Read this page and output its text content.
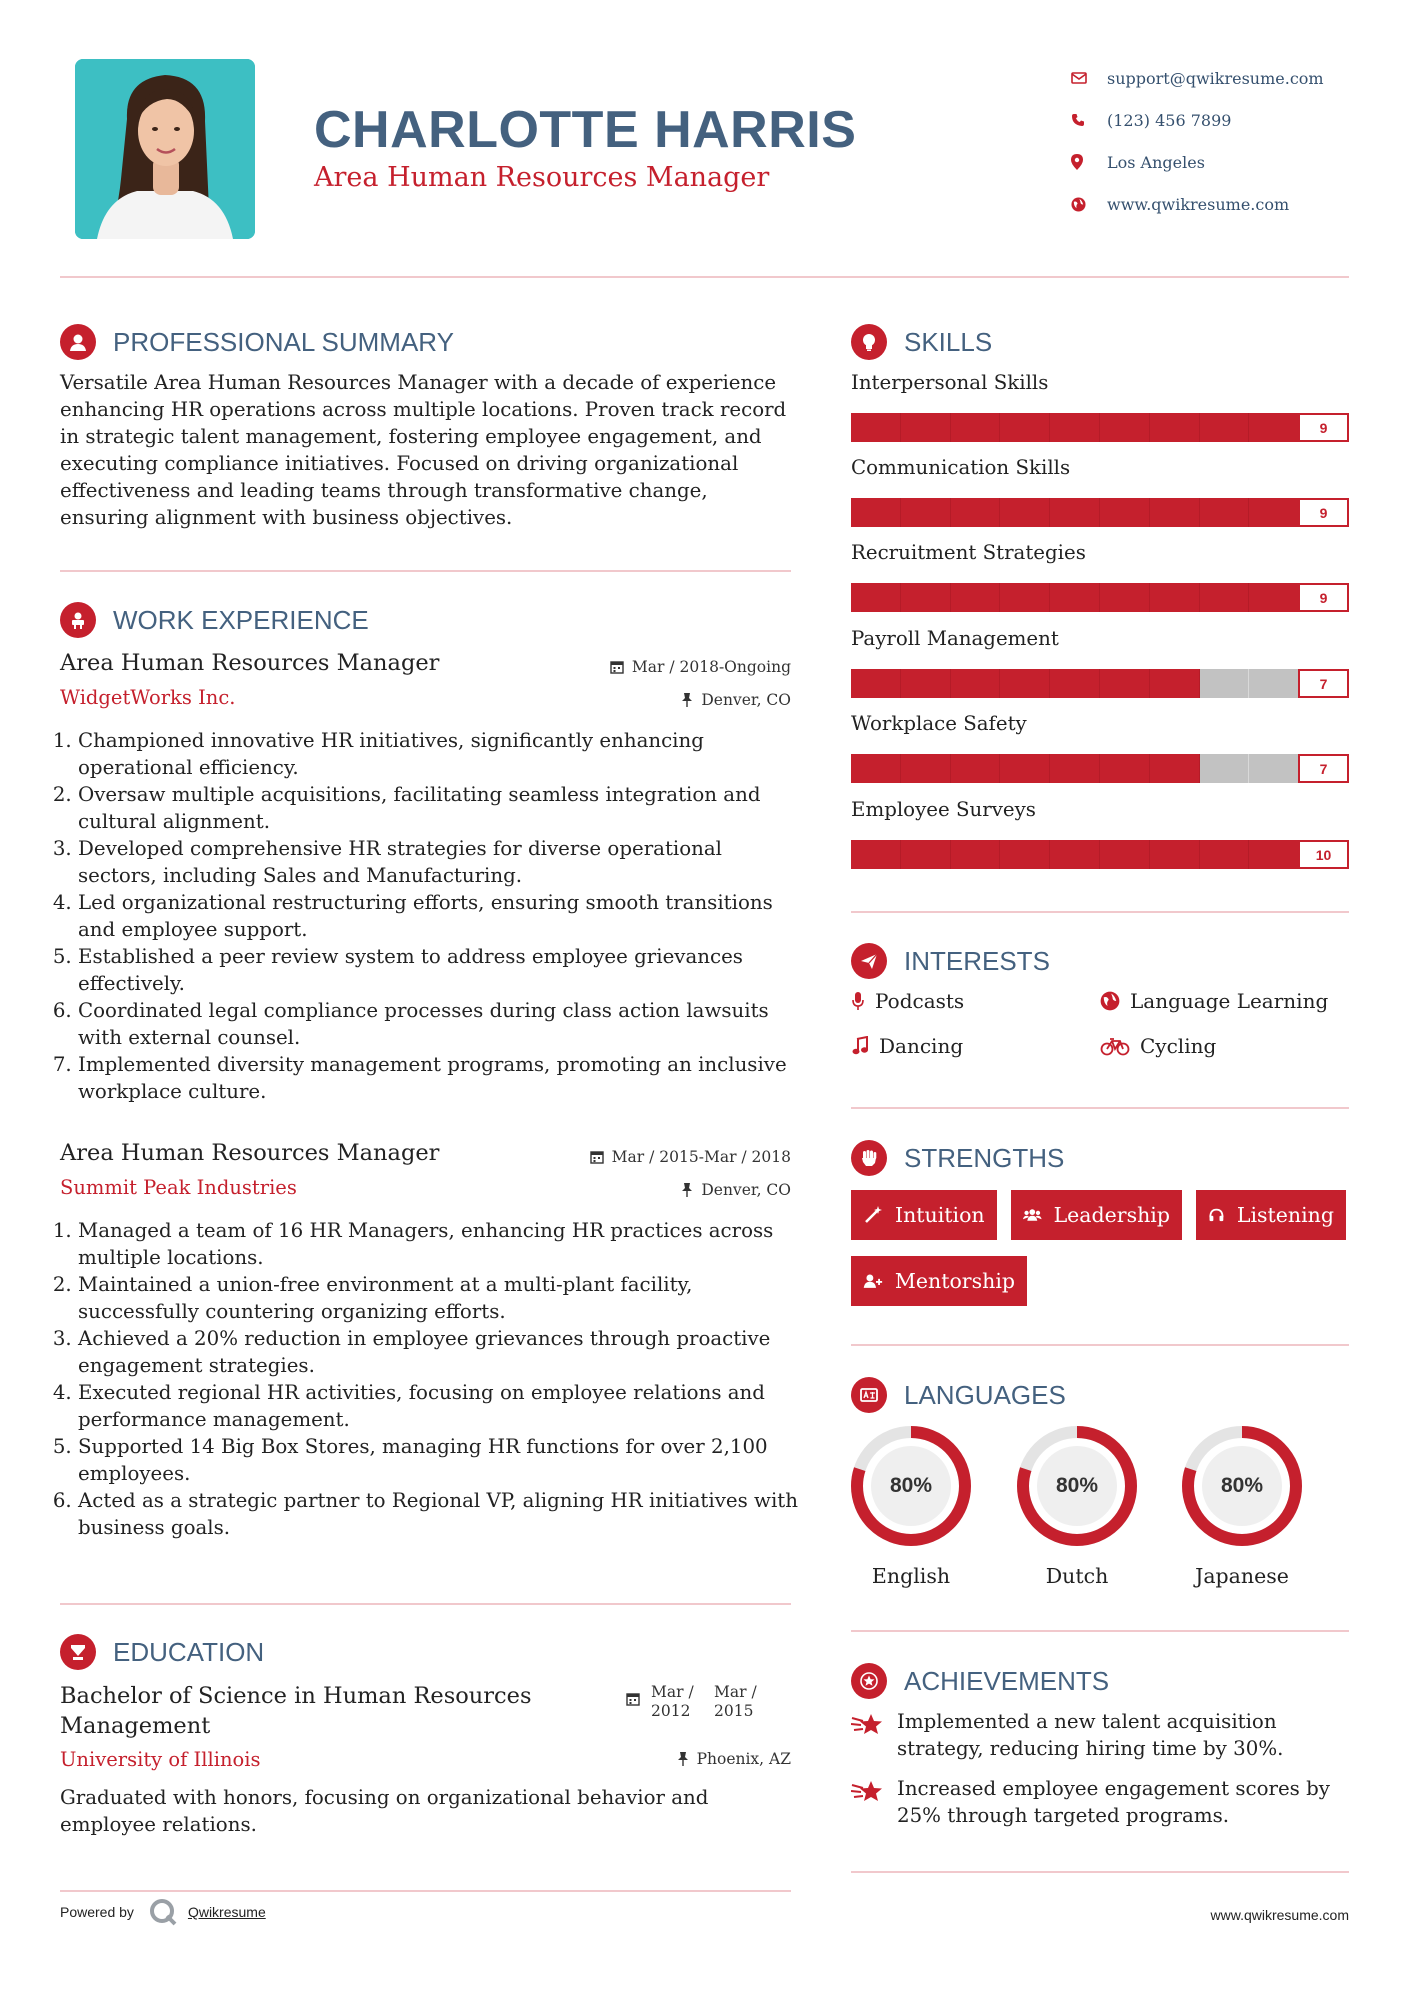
CHARLOTTE HARRIS
Area Human Resources Manager
support@qwikresume.com
(123) 456 7899
Los Angeles
www.qwikresume.com
PROFESSIONAL SUMMARY
Versatile Area Human Resources Manager with a decade of experience enhancing HR operations across multiple locations. Proven track record in strategic talent management, fostering employee engagement, and executing compliance initiatives. Focused on driving organizational effectiveness and leading teams through transformative change, ensuring alignment with business objectives.
WORK EXPERIENCE
Area Human Resources Manager
WidgetWorks Inc.
Mar / 2018-Ongoing
Denver, CO
1. Championed innovative HR initiatives, significantly enhancing operational efficiency.
2. Oversaw multiple acquisitions, facilitating seamless integration and cultural alignment.
3. Developed comprehensive HR strategies for diverse operational sectors, including Sales and Manufacturing.
4. Led organizational restructuring efforts, ensuring smooth transitions and employee support.
5. Established a peer review system to address employee grievances effectively.
6. Coordinated legal compliance processes during class action lawsuits with external counsel.
7. Implemented diversity management programs, promoting an inclusive workplace culture.
Area Human Resources Manager
Summit Peak Industries
Mar / 2015-Mar / 2018
Denver, CO
1. Managed a team of 16 HR Managers, enhancing HR practices across multiple locations.
2. Maintained a union-free environment at a multi-plant facility, successfully countering organizing efforts.
3. Achieved a 20% reduction in employee grievances through proactive engagement strategies.
4. Executed regional HR activities, focusing on employee relations and performance management.
5. Supported 14 Big Box Stores, managing HR functions for over 2,100 employees.
6. Acted as a strategic partner to Regional VP, aligning HR initiatives with business goals.
EDUCATION
Bachelor of Science in Human Resources Management
University of Illinois
Mar /
2012
Mar /
2015
Phoenix, AZ
Graduated with honors, focusing on organizational behavior and employee relations.
SKILLS
Interpersonal Skills
9
Communication Skills
9
Recruitment Strategies
9
Payroll Management
7
Workplace Safety
7
Employee Surveys
10
INTERESTS
Podcasts	Language Learning
Dancing	Cycling
STRENGTHS
Intuition	Leadership	Listening
Mentorship
LANGUAGES
80%
English
80%
Dutch
80%
Japanese
ACHIEVEMENTS
Implemented a new talent acquisition strategy, reducing hiring time by 30%.
Increased employee engagement scores by 25% through targeted programs.
Powered by	Qwikresume	www.qwikresume.com
